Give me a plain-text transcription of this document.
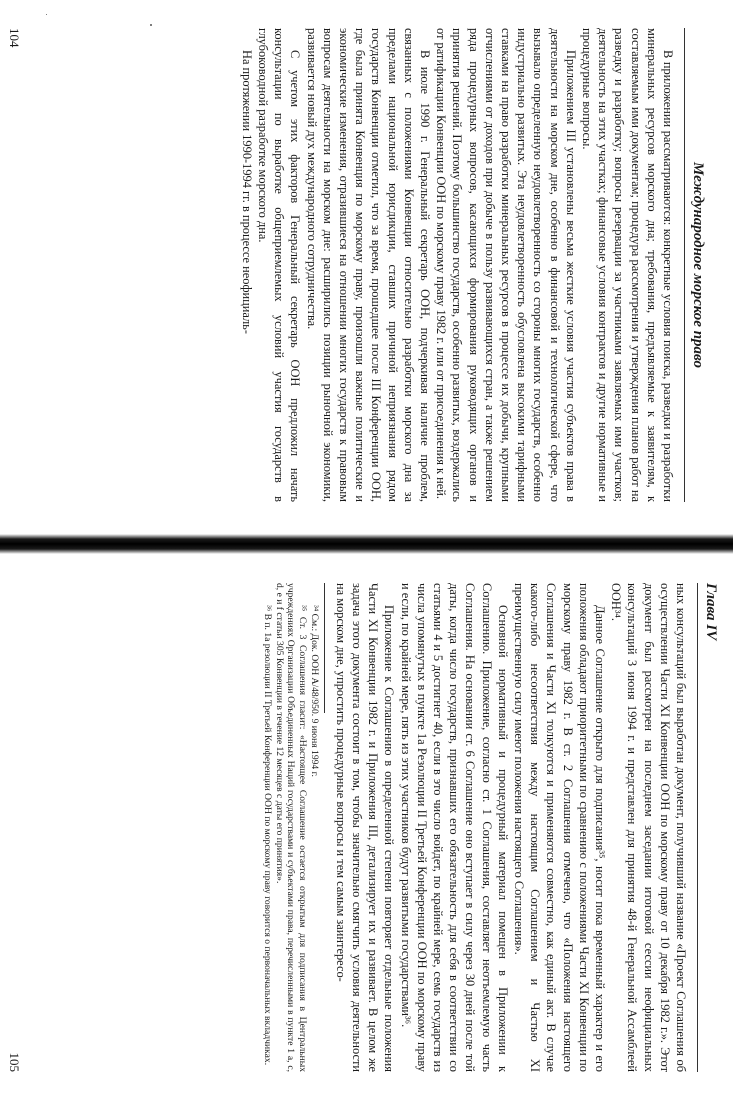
Международное морское право

В приложении рассматриваются: конкретные условия поиска, разведки и разработки минеральных ресурсов морского дна; требования, предъявляемые к заявителям, к составляемым ими документам; процедура рассмотрения и утверждения планов работ на разведку и разработку; вопросы резервации за участниками заявляемых ими участков; деятельность на этих участках; финансовые условия контрактов и другие нормативные и процедурные вопросы.

Приложением III установлены весьма жесткие условия участия субъектов права в деятельности на морском дне, особенно в финансовой и технологической сфере, что вызывало определенную неудовлетворенность со стороны многих государств, особенно индустриально развитых. Эта неудовлетворенность обусловлена высокими тарифными ставками на право разработки минеральных ресурсов в процессе их добычи, крупными отчислениями от доходов при добыче в пользу развивающихся стран, а также решением ряда процедурных вопросов, касающихся формирования руководящих органов и принятия решений. Поэтому большинство государств, особенно развитых, воздержались от ратификации Конвенции ООН по морскому праву 1982 г. или от присоединения к ней.

В июле 1990 г. Генеральный секретарь ООН, подчеркивая наличие проблем, связанных с положениями Конвенции относительно разработки морского дна за пределами национальной юрисдикции, ставших причиной неприязнания рядом государств Конвенции отметил, что за время, прошедшее после III Конференции ООН, где была принята Конвенция по морскому праву, произошли важные политические и экономические изменения, отразившиеся на отношении многих государств к правовым вопросам деятельности на морском дне: расширились позиции рыночной экономики, развивается новый дух международного сотрудничества.

С учетом этих факторов Генеральный секретарь ООН предложил начать консультации по выработке общеприемлемых условий участия государств в глубоководной разработке морского дна.

На протяжении 1990-1994 гг. в процессе неофициаль-

104
Глава IV

ных консультаций был выработан документ, получивший название «Проект Соглашения об осуществлении Части XI Конвенции ООН по морскому праву от 10 декабря 1982 г.». Этот документ был рассмотрен на последнем заседании итоговой сессии неофициальных консультаций 3 июня 1994 г. и представлен для принятия 48-й Генеральной Ассамблеей ООН³⁴.

Данное Соглашение открыто для подписания³⁵, носит пока временный характер и его положения обладают приоритетными по сравнению с положениями Части XI Конвенции по морскому праву 1982 г. В ст. 2 Соглашения отмечено, что «Положения настоящего Соглашения и Части XI толкуются и применяются совместно, как единый акт. В случае какого-либо несоответствия между настоящим Соглашением и Частью XI преимущественную силу имеют положения настоящего Соглашения».

Основной нормативный и процедурный материал помещен в Приложении к Соглашению. Приложение, согласно ст. 1 Соглашения, составляет неотъемлемую часть Соглашения. На основании ст. 6 Соглашение оно вступает в силу через 30 дней после той даты, когда число государств, признавших его обязательность для себя в соответствии со статьями 4 и 5 достигнет 40, если в это число войдет, по крайней мере, семь государств из числа упомянутых в пункте 1а Резолюции II Третьей Конференции ООН по морскому праву и если, по крайней мере, пять из этих участников будут развитыми государствами³⁶.

Приложение к Соглашению в определенной степени повторяет отдельные положения Части XI Конвенции 1982 г. и Приложения III, детализирует их и развивает. В целом же задача этого документа состоит в том, чтобы значительно смягчить условия деятельности на морском дне, упростить процедурные вопросы и тем самым заинтересо-

³⁴ См.: Док. ООН A/48/950. 9 июня 1994 г.

³⁵ Ст. 3 Соглашения гласит: «Настоящее Соглашение остается открытым для подписания в Центральных учреждениях Организации Объединенных Наций государствами и субъектами права, перечисленными в пункте 1 а, с, d, е и f статьи 305 Конвенции в течение 12 месяцев с даты его принятия».

³⁶ В п. 1а резолюции II Третьей Конференции ООН по морскому праву говорится о первоначальных вкладчиках.

105
